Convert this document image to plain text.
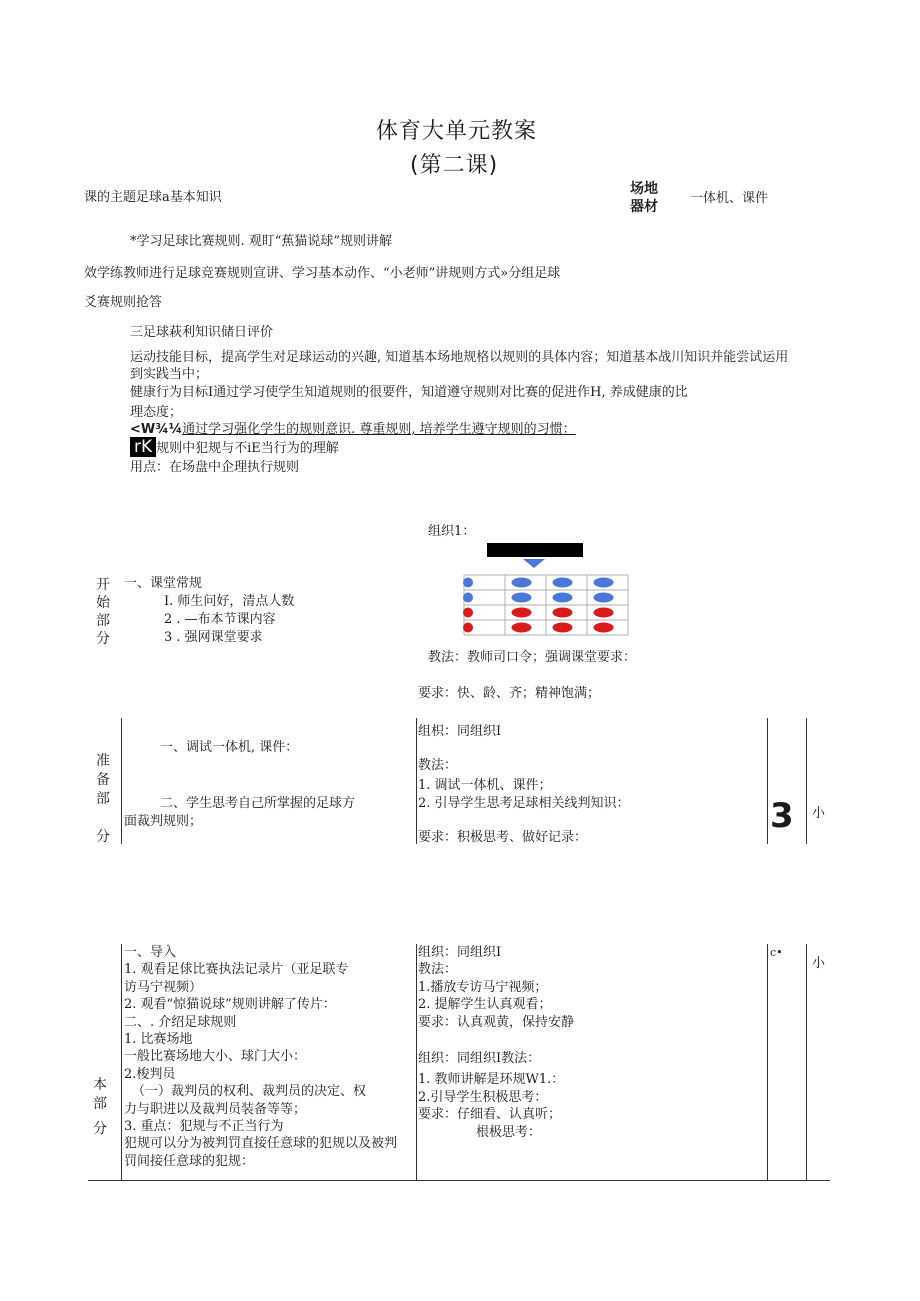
体育大单元教案
(第二课)
课的主题足球a基本知识
场地
器材
一体机、课件
*学习足球比赛规则. 观盯“蕉猫说球”规则讲解
效学练教师进行足球竞赛规则宣讲、学习基本动作、“小老师”讲规则方式»分组足球
爻赛规则抢答
三足球萩利知识储日评价
运动技能目标，提高学生对足球运动的兴趣, 知道基本场地规格以规则的具体内容；知道基本战川知识并能尝试运用
到实践当中；
健康行为目标I通过学习使学生知道规则的很要件，知道遵守规则对比赛的促进作H, 养成健康的比
理态度；
<W¾¼通过学习强化学生的规则意识. 尊重规则, 培养学生遵守规则的习惯：
rK 规则中犯规与不iE当行为的理解
用点：在场盘中企理执行规则
组织1：
开
始
部
分
一、课堂常规
I. 师生问好，清点人数
2 . —布本节课内容
3 . 强网课堂要求
教法：教师司口令；强调课堂要求：
要求：快、龄、齐；精神饱满；
准
备
部
分
一、调试一体机, 课件：
二、学生思考自己所掌握的足球方
面裁判规则；
组枳：同组织I
教法：
1. 调试一体机、课件；
2. 引导学生思考足球相关线判知识：
要求：积极思考、做好记录：
3 小
本
部
分
一、导入
1. 观看足俅比赛执法记录片（亚足联专
访马宁视频）
2. 观看“惊猫说球”规则讲解了传片：
二、. 介绍足球规则
1. 比赛场地
一般比赛场地大小、球门大小：
2.梭判员
（一）裁判员的权利、裁判员的决定、权
力与职进以及裁判员装备等等；
3. 重点：犯规与不正当行为
犯规可以分为被判罚直接任意球的犯规以及被判
罚间接任意球的犯规：
组织：同组织I
教法：
1.播放专访马宁视频；
2. 提解学生认真观看；
要求：认真观黄，保持安静
组织：同组织I教法：
1. 教师讲解是环规W1.：
2.引导学生积极思考：
要求：仔细看、认真听；
根极思考：
c•
小
